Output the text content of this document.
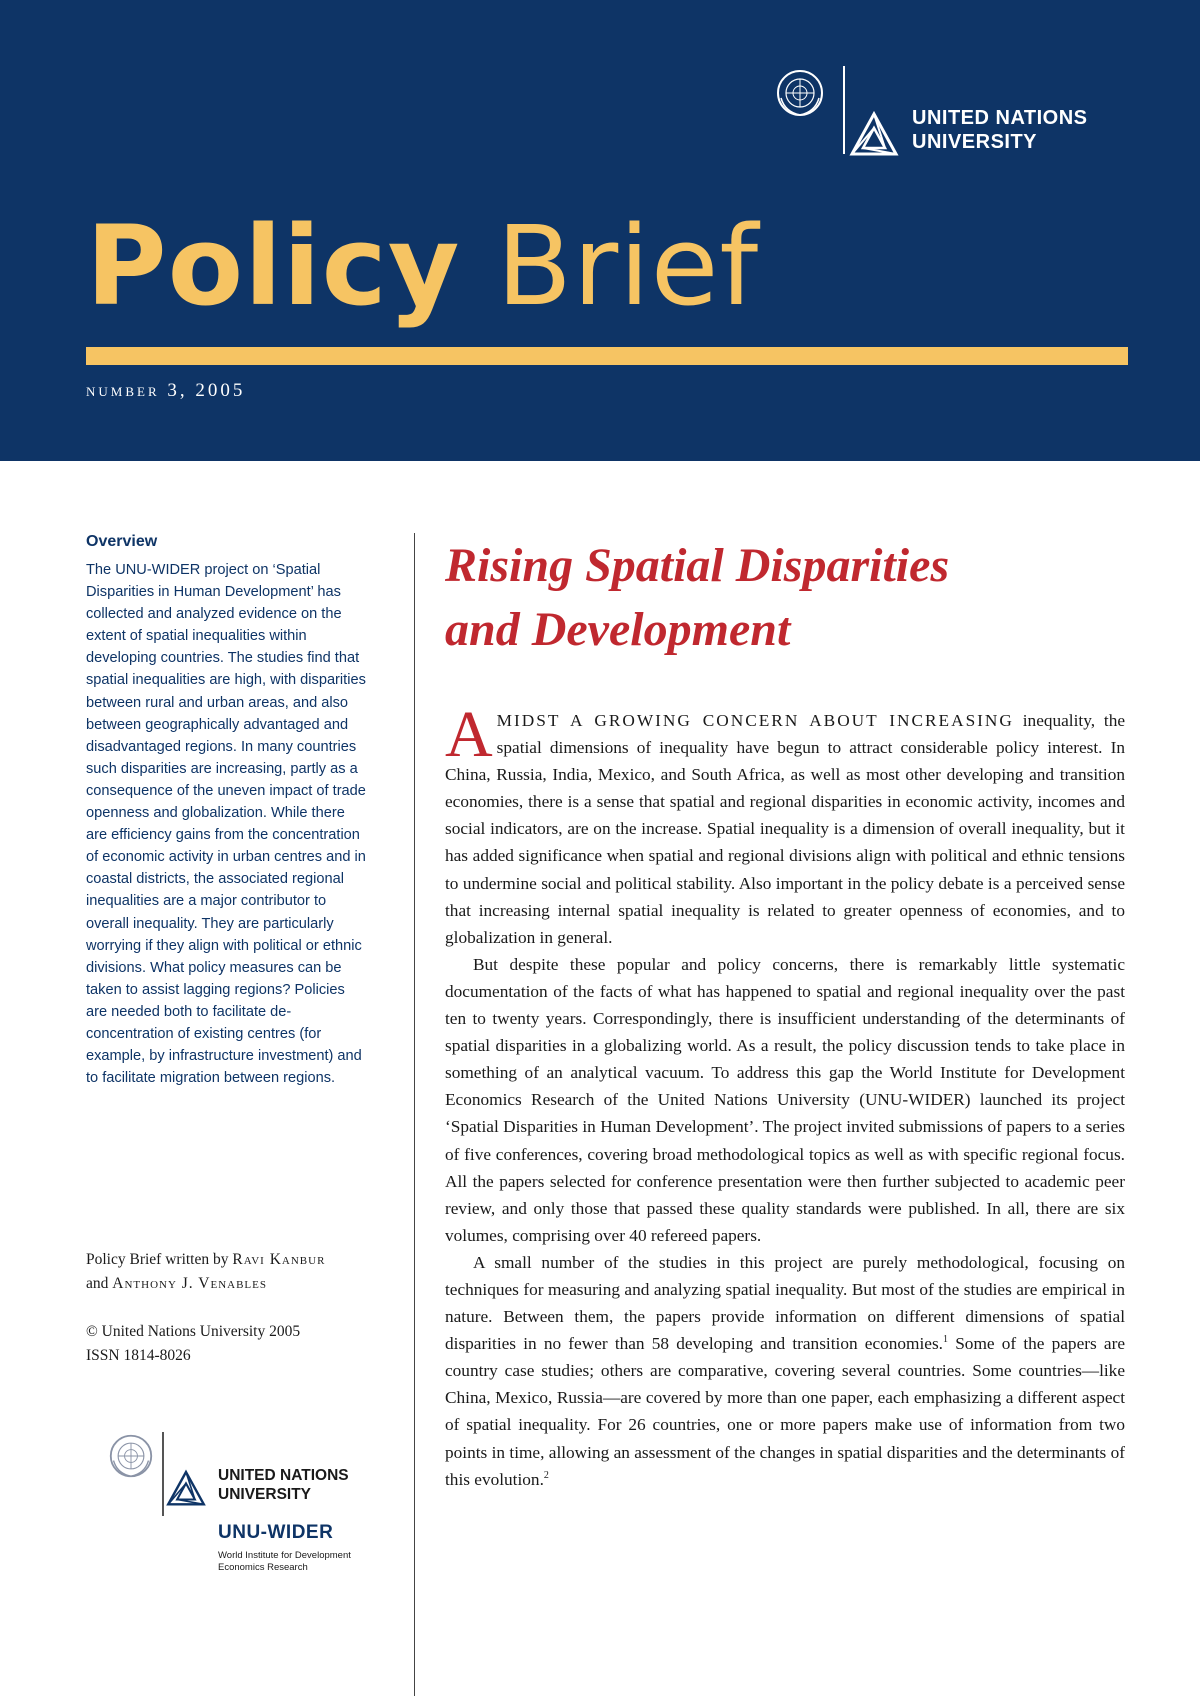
UNITED NATIONS
UNIVERSITY
Policy Brief
number 3, 2005
Overview

The UNU-WIDER project on ‘Spatial Disparities in Human Development’ has collected and analyzed evidence on the extent of spatial inequalities within developing countries. The studies find that spatial inequalities are high, with disparities between rural and urban areas, and also between geographically advantaged and disadvantaged regions. In many countries such disparities are increasing, partly as a consequence of the uneven impact of trade openness and globalization. While there are efficiency gains from the concentration of economic activity in urban centres and in coastal districts, the associated regional inequalities are a major contributor to overall inequality. They are particularly worrying if they align with political or ethnic divisions. What policy measures can be taken to assist lagging regions? Policies are needed both to facilitate de-concentration of existing centres (for example, by infrastructure investment) and to facilitate migration between regions.

Policy Brief written by Ravi Kanbur
and Anthony J. Venables
© United Nations University 2005
ISSN 1814-8026
UNITED NATIONS
UNIVERSITY
UNU-WIDER
World Institute for Development
Economics Research
Rising Spatial Disparities
and Development

AMIDST A GROWING CONCERN ABOUT INCREASING inequality, the spatial dimensions of inequality have begun to attract considerable policy interest. In China, Russia, India, Mexico, and South Africa, as well as most other developing and transition economies, there is a sense that spatial and regional disparities in economic activity, incomes and social indicators, are on the increase. Spatial inequality is a dimension of overall inequality, but it has added significance when spatial and regional divisions align with political and ethnic tensions to undermine social and political stability. Also important in the policy debate is a perceived sense that increasing internal spatial inequality is related to greater openness of economies, and to globalization in general.

But despite these popular and policy concerns, there is remarkably little systematic documentation of the facts of what has happened to spatial and regional inequality over the past ten to twenty years. Correspondingly, there is insufficient understanding of the determinants of spatial disparities in a globalizing world. As a result, the policy discussion tends to take place in something of an analytical vacuum. To address this gap the World Institute for Development Economics Research of the United Nations University (UNU-WIDER) launched its project ‘Spatial Disparities in Human Development’. The project invited submissions of papers to a series of five conferences, covering broad methodological topics as well as with specific regional focus. All the papers selected for conference presentation were then further subjected to academic peer review, and only those that passed these quality standards were published. In all, there are six volumes, comprising over 40 refereed papers.

A small number of the studies in this project are purely methodological, focusing on techniques for measuring and analyzing spatial inequality. But most of the studies are empirical in nature. Between them, the papers provide information on different dimensions of spatial disparities in no fewer than 58 developing and transition economies.$^1$ Some of the papers are country case studies; others are comparative, covering several countries. Some countries—like China, Mexico, Russia—are covered by more than one paper, each emphasizing a different aspect of spatial inequality. For 26 countries, one or more papers make use of information from two points in time, allowing an assessment of the changes in spatial disparities and the determinants of this evolution.$^2$
